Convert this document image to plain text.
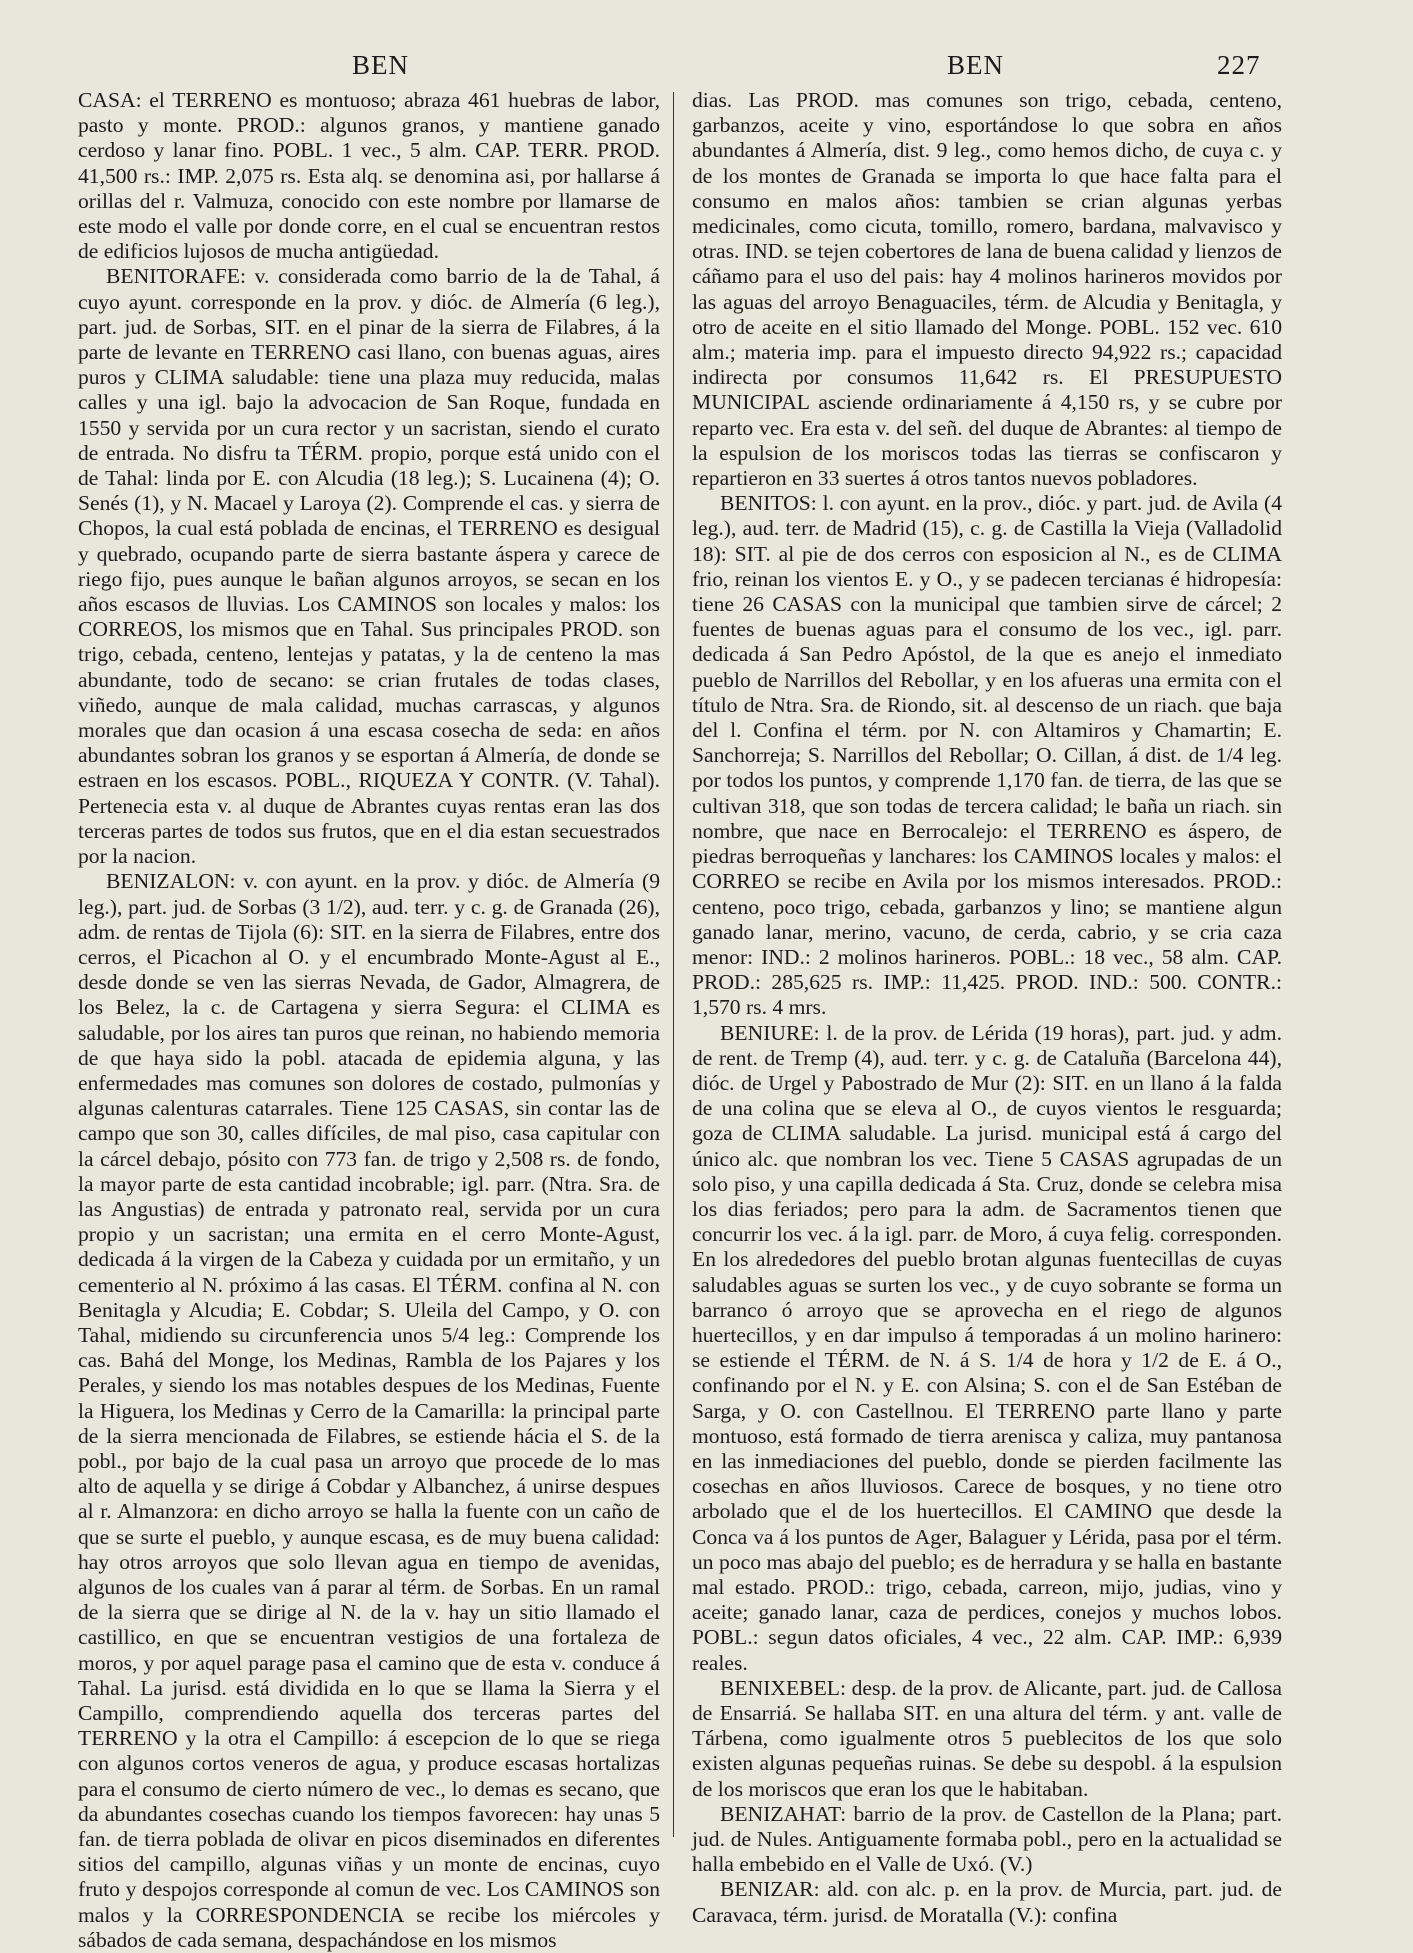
BEN	BEN	227

CASA: el TERRENO es montuoso; abraza 461 huebras de labor, pasto y monte. PROD.: algunos granos, y mantiene ganado cerdoso y lanar fino. POBL. 1 vec., 5 alm. CAP. TERR. PROD. 41,500 rs.: IMP. 2,075 rs. Esta alq. se denomina asi, por hallarse á orillas del r. Valmuza, conocido con este nombre por llamarse de este modo el valle por donde corre, en el cual se encuentran restos de edificios lujosos de mucha antigüedad.

BENITORAFE: v. considerada como barrio de la de Tahal, á cuyo ayunt. corresponde en la prov. y dióc. de Almería (6 leg.), part. jud. de Sorbas, SIT. en el pinar de la sierra de Filabres, á la parte de levante en TERRENO casi llano, con buenas aguas, aires puros y CLIMA saludable: tiene una plaza muy reducida, malas calles y una igl. bajo la advocacion de San Roque, fundada en 1550 y servida por un cura rector y un sacristan, siendo el curato de entrada. No disfru ta TÉRM. propio, porque está unido con el de Tahal: linda por E. con Alcudia (18 leg.); S. Lucainena (4); O. Senés (1), y N. Macael y Laroya (2). Comprende el cas. y sierra de Chopos, la cual está poblada de encinas, el TERRENO es desigual y quebrado, ocupando parte de sierra bastante áspera y carece de riego fijo, pues aunque le bañan algunos arroyos, se secan en los años escasos de lluvias. Los CAMINOS son locales y malos: los CORREOS, los mismos que en Tahal. Sus principales PROD. son trigo, cebada, centeno, lentejas y patatas, y la de centeno la mas abundante, todo de secano: se crian frutales de todas clases, viñedo, aunque de mala calidad, muchas carrascas, y algunos morales que dan ocasion á una escasa cosecha de seda: en años abundantes sobran los granos y se esportan á Almería, de donde se estraen en los escasos. POBL., RIQUEZA Y CONTR. (V. Tahal). Pertenecia esta v. al duque de Abrantes cuyas rentas eran las dos terceras partes de todos sus frutos, que en el dia estan secuestrados por la nacion.

BENIZALON: v. con ayunt. en la prov. y dióc. de Almería (9 leg.), part. jud. de Sorbas (3 1/2), aud. terr. y c. g. de Granada (26), adm. de rentas de Tijola (6): SIT. en la sierra de Filabres, entre dos cerros, el Picachon al O. y el encumbrado Monte-Agust al E., desde donde se ven las sierras Nevada, de Gador, Almagrera, de los Belez, la c. de Cartagena y sierra Segura: el CLIMA es saludable, por los aires tan puros que reinan, no habiendo memoria de que haya sido la pobl. atacada de epidemia alguna, y las enfermedades mas comunes son dolores de costado, pulmonías y algunas calenturas catarrales. Tiene 125 CASAS, sin contar las de campo que son 30, calles difíciles, de mal piso, casa capitular con la cárcel debajo, pósito con 773 fan. de trigo y 2,508 rs. de fondo, la mayor parte de esta cantidad incobrable; igl. parr. (Ntra. Sra. de las Angustias) de entrada y patronato real, servida por un cura propio y un sacristan; una ermita en el cerro Monte-Agust, dedicada á la virgen de la Cabeza y cuidada por un ermitaño, y un cementerio al N. próximo á las casas. El TÉRM. confina al N. con Benitagla y Alcudia; E. Cobdar; S. Uleila del Campo, y O. con Tahal, midiendo su circunferencia unos 5/4 leg.: Comprende los cas. Bahá del Monge, los Medinas, Rambla de los Pajares y los Perales, y siendo los mas notables despues de los Medinas, Fuente la Higuera, los Medinas y Cerro de la Camarilla: la principal parte de la sierra mencionada de Filabres, se estiende hácia el S. de la pobl., por bajo de la cual pasa un arroyo que procede de lo mas alto de aquella y se dirige á Cobdar y Albanchez, á unirse despues al r. Almanzora: en dicho arroyo se halla la fuente con un caño de que se surte el pueblo, y aunque escasa, es de muy buena calidad: hay otros arroyos que solo llevan agua en tiempo de avenidas, algunos de los cuales van á parar al térm. de Sorbas. En un ramal de la sierra que se dirige al N. de la v. hay un sitio llamado el castillico, en que se encuentran vestigios de una fortaleza de moros, y por aquel parage pasa el camino que de esta v. conduce á Tahal. La jurisd. está dividida en lo que se llama la Sierra y el Campillo, comprendiendo aquella dos terceras partes del TERRENO y la otra el Campillo: á escepcion de lo que se riega con algunos cortos veneros de agua, y produce escasas hortalizas para el consumo de cierto número de vec., lo demas es secano, que da abundantes cosechas cuando los tiempos favorecen: hay unas 5 fan. de tierra poblada de olivar en picos diseminados en diferentes sitios del campillo, algunas viñas y un monte de encinas, cuyo fruto y despojos corresponde al comun de vec. Los CAMINOS son malos y la CORRESPONDENCIA se recibe los miércoles y sábados de cada semana, despachándose en los mismos

dias. Las PROD. mas comunes son trigo, cebada, centeno, garbanzos, aceite y vino, esportándose lo que sobra en años abundantes á Almería, dist. 9 leg., como hemos dicho, de cuya c. y de los montes de Granada se importa lo que hace falta para el consumo en malos años: tambien se crian algunas yerbas medicinales, como cicuta, tomillo, romero, bardana, malvavisco y otras. IND. se tejen cobertores de lana de buena calidad y lienzos de cáñamo para el uso del pais: hay 4 molinos harineros movidos por las aguas del arroyo Benaguaciles, térm. de Alcudia y Benitagla, y otro de aceite en el sitio llamado del Monge. POBL. 152 vec. 610 alm.; materia imp. para el impuesto directo 94,922 rs.; capacidad indirecta por consumos 11,642 rs. El PRESUPUESTO MUNICIPAL asciende ordinariamente á 4,150 rs, y se cubre por reparto vec. Era esta v. del señ. del duque de Abrantes: al tiempo de la espulsion de los moriscos todas las tierras se confiscaron y repartieron en 33 suertes á otros tantos nuevos pobladores.

BENITOS: l. con ayunt. en la prov., dióc. y part. jud. de Avila (4 leg.), aud. terr. de Madrid (15), c. g. de Castilla la Vieja (Valladolid 18): SIT. al pie de dos cerros con esposicion al N., es de CLIMA frio, reinan los vientos E. y O., y se padecen tercianas é hidropesía: tiene 26 CASAS con la municipal que tambien sirve de cárcel; 2 fuentes de buenas aguas para el consumo de los vec., igl. parr. dedicada á San Pedro Apóstol, de la que es anejo el inmediato pueblo de Narrillos del Rebollar, y en los afueras una ermita con el título de Ntra. Sra. de Riondo, sit. al descenso de un riach. que baja del l. Confina el térm. por N. con Altamiros y Chamartin; E. Sanchorreja; S. Narrillos del Rebollar; O. Cillan, á dist. de 1/4 leg. por todos los puntos, y comprende 1,170 fan. de tierra, de las que se cultivan 318, que son todas de tercera calidad; le baña un riach. sin nombre, que nace en Berrocalejo: el TERRENO es áspero, de piedras berroqueñas y lanchares: los CAMINOS locales y malos: el CORREO se recibe en Avila por los mismos interesados. PROD.: centeno, poco trigo, cebada, garbanzos y lino; se mantiene algun ganado lanar, merino, vacuno, de cerda, cabrio, y se cria caza menor: IND.: 2 molinos harineros. POBL.: 18 vec., 58 alm. CAP. PROD.: 285,625 rs. IMP.: 11,425. PROD. IND.: 500. CONTR.: 1,570 rs. 4 mrs.

BENIURE: l. de la prov. de Lérida (19 horas), part. jud. y adm. de rent. de Tremp (4), aud. terr. y c. g. de Cataluña (Barcelona 44), dióc. de Urgel y Pabostrado de Mur (2): SIT. en un llano á la falda de una colina que se eleva al O., de cuyos vientos le resguarda; goza de CLIMA saludable. La jurisd. municipal está á cargo del único alc. que nombran los vec. Tiene 5 CASAS agrupadas de un solo piso, y una capilla dedicada á Sta. Cruz, donde se celebra misa los dias feriados; pero para la adm. de Sacramentos tienen que concurrir los vec. á la igl. parr. de Moro, á cuya felig. corresponden. En los alrededores del pueblo brotan algunas fuentecillas de cuyas saludables aguas se surten los vec., y de cuyo sobrante se forma un barranco ó arroyo que se aprovecha en el riego de algunos huertecillos, y en dar impulso á temporadas á un molino harinero: se estiende el TÉRM. de N. á S. 1/4 de hora y 1/2 de E. á O., confinando por el N. y E. con Alsina; S. con el de San Estéban de Sarga, y O. con Castellnou. El TERRENO parte llano y parte montuoso, está formado de tierra arenisca y caliza, muy pantanosa en las inmediaciones del pueblo, donde se pierden facilmente las cosechas en años lluviosos. Carece de bosques, y no tiene otro arbolado que el de los huertecillos. El CAMINO que desde la Conca va á los puntos de Ager, Balaguer y Lérida, pasa por el térm. un poco mas abajo del pueblo; es de herradura y se halla en bastante mal estado. PROD.: trigo, cebada, carreon, mijo, judias, vino y aceite; ganado lanar, caza de perdices, conejos y muchos lobos. POBL.: segun datos oficiales, 4 vec., 22 alm. CAP. IMP.: 6,939 reales.

BENIXEBEL: desp. de la prov. de Alicante, part. jud. de Callosa de Ensarriá. Se hallaba SIT. en una altura del térm. y ant. valle de Tárbena, como igualmente otros 5 pueblecitos de los que solo existen algunas pequeñas ruinas. Se debe su despobl. á la espulsion de los moriscos que eran los que le habitaban.

BENIZAHAT: barrio de la prov. de Castellon de la Plana; part. jud. de Nules. Antiguamente formaba pobl., pero en la actualidad se halla embebido en el Valle de Uxó. (V.)

BENIZAR: ald. con alc. p. en la prov. de Murcia, part. jud. de Caravaca, térm. jurisd. de Moratalla (V.): confina
